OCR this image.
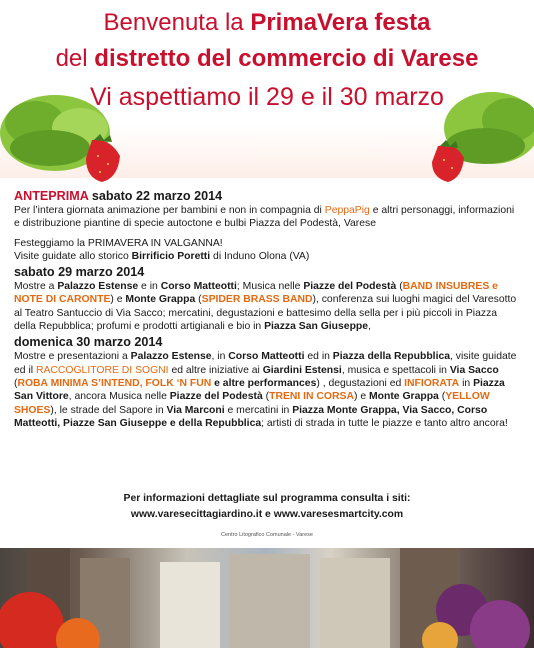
Benvenuta la PrimaVera festa
del distretto del commercio di Varese
Vi aspettiamo il 29 e il 30 marzo

ANTEPRIMA sabato 22 marzo 2014

Per l’intera giornata animazione per bambini e non in compagnia di PeppaPig e altri personaggi, informazioni e distribuzione piantine di specie autoctone e bulbi Piazza del Podestà, Varese

Festeggiamo la PRIMAVERA IN VALGANNA!

Visite guidate allo storico Birrificio Poretti di Induno Olona (VA)

sabato 29 marzo 2014

Mostre a Palazzo Estense e in Corso Matteotti; Musica nelle Piazze del Podestà (BAND INSUBRES e NOTE DI CARONTE) e Monte Grappa (SPIDER BRASS BAND), conferenza sui luoghi magici del Varesotto al Teatro Santuccio di Via Sacco; mercatini, degustazioni e battesimo della sella per i più piccoli in Piazza della Repubblica; profumi e prodotti artigianali e bio in Piazza San Giuseppe,

domenica 30 marzo 2014

Mostre e presentazioni a Palazzo Estense, in Corso Matteotti ed in Piazza della Repubblica, visite guidate ed il RACCOGLITORE DI SOGNI ed altre iniziative ai Giardini Estensi, musica e spettacoli in Via Sacco (ROBA MINIMA S’INTEND, FOLK ‘N FUN e altre performances) , degustazioni ed INFIORATA in Piazza San Vittore, ancora Musica nelle Piazze del Podestà (TRENI IN CORSA) e Monte Grappa (YELLOW SHOES), le strade del Sapore in Via Marconi e mercatini in Piazza Monte Grappa, Via Sacco, Corso Matteotti, Piazze San Giuseppe e della Repubblica; artisti di strada in tutte le piazze e tanto altro ancora!

Per informazioni dettagliate sul programma consulta i siti:
www.varesecittagiardino.it e www.varesesmartcity.com
Centro Litografico Comunale - Varese
